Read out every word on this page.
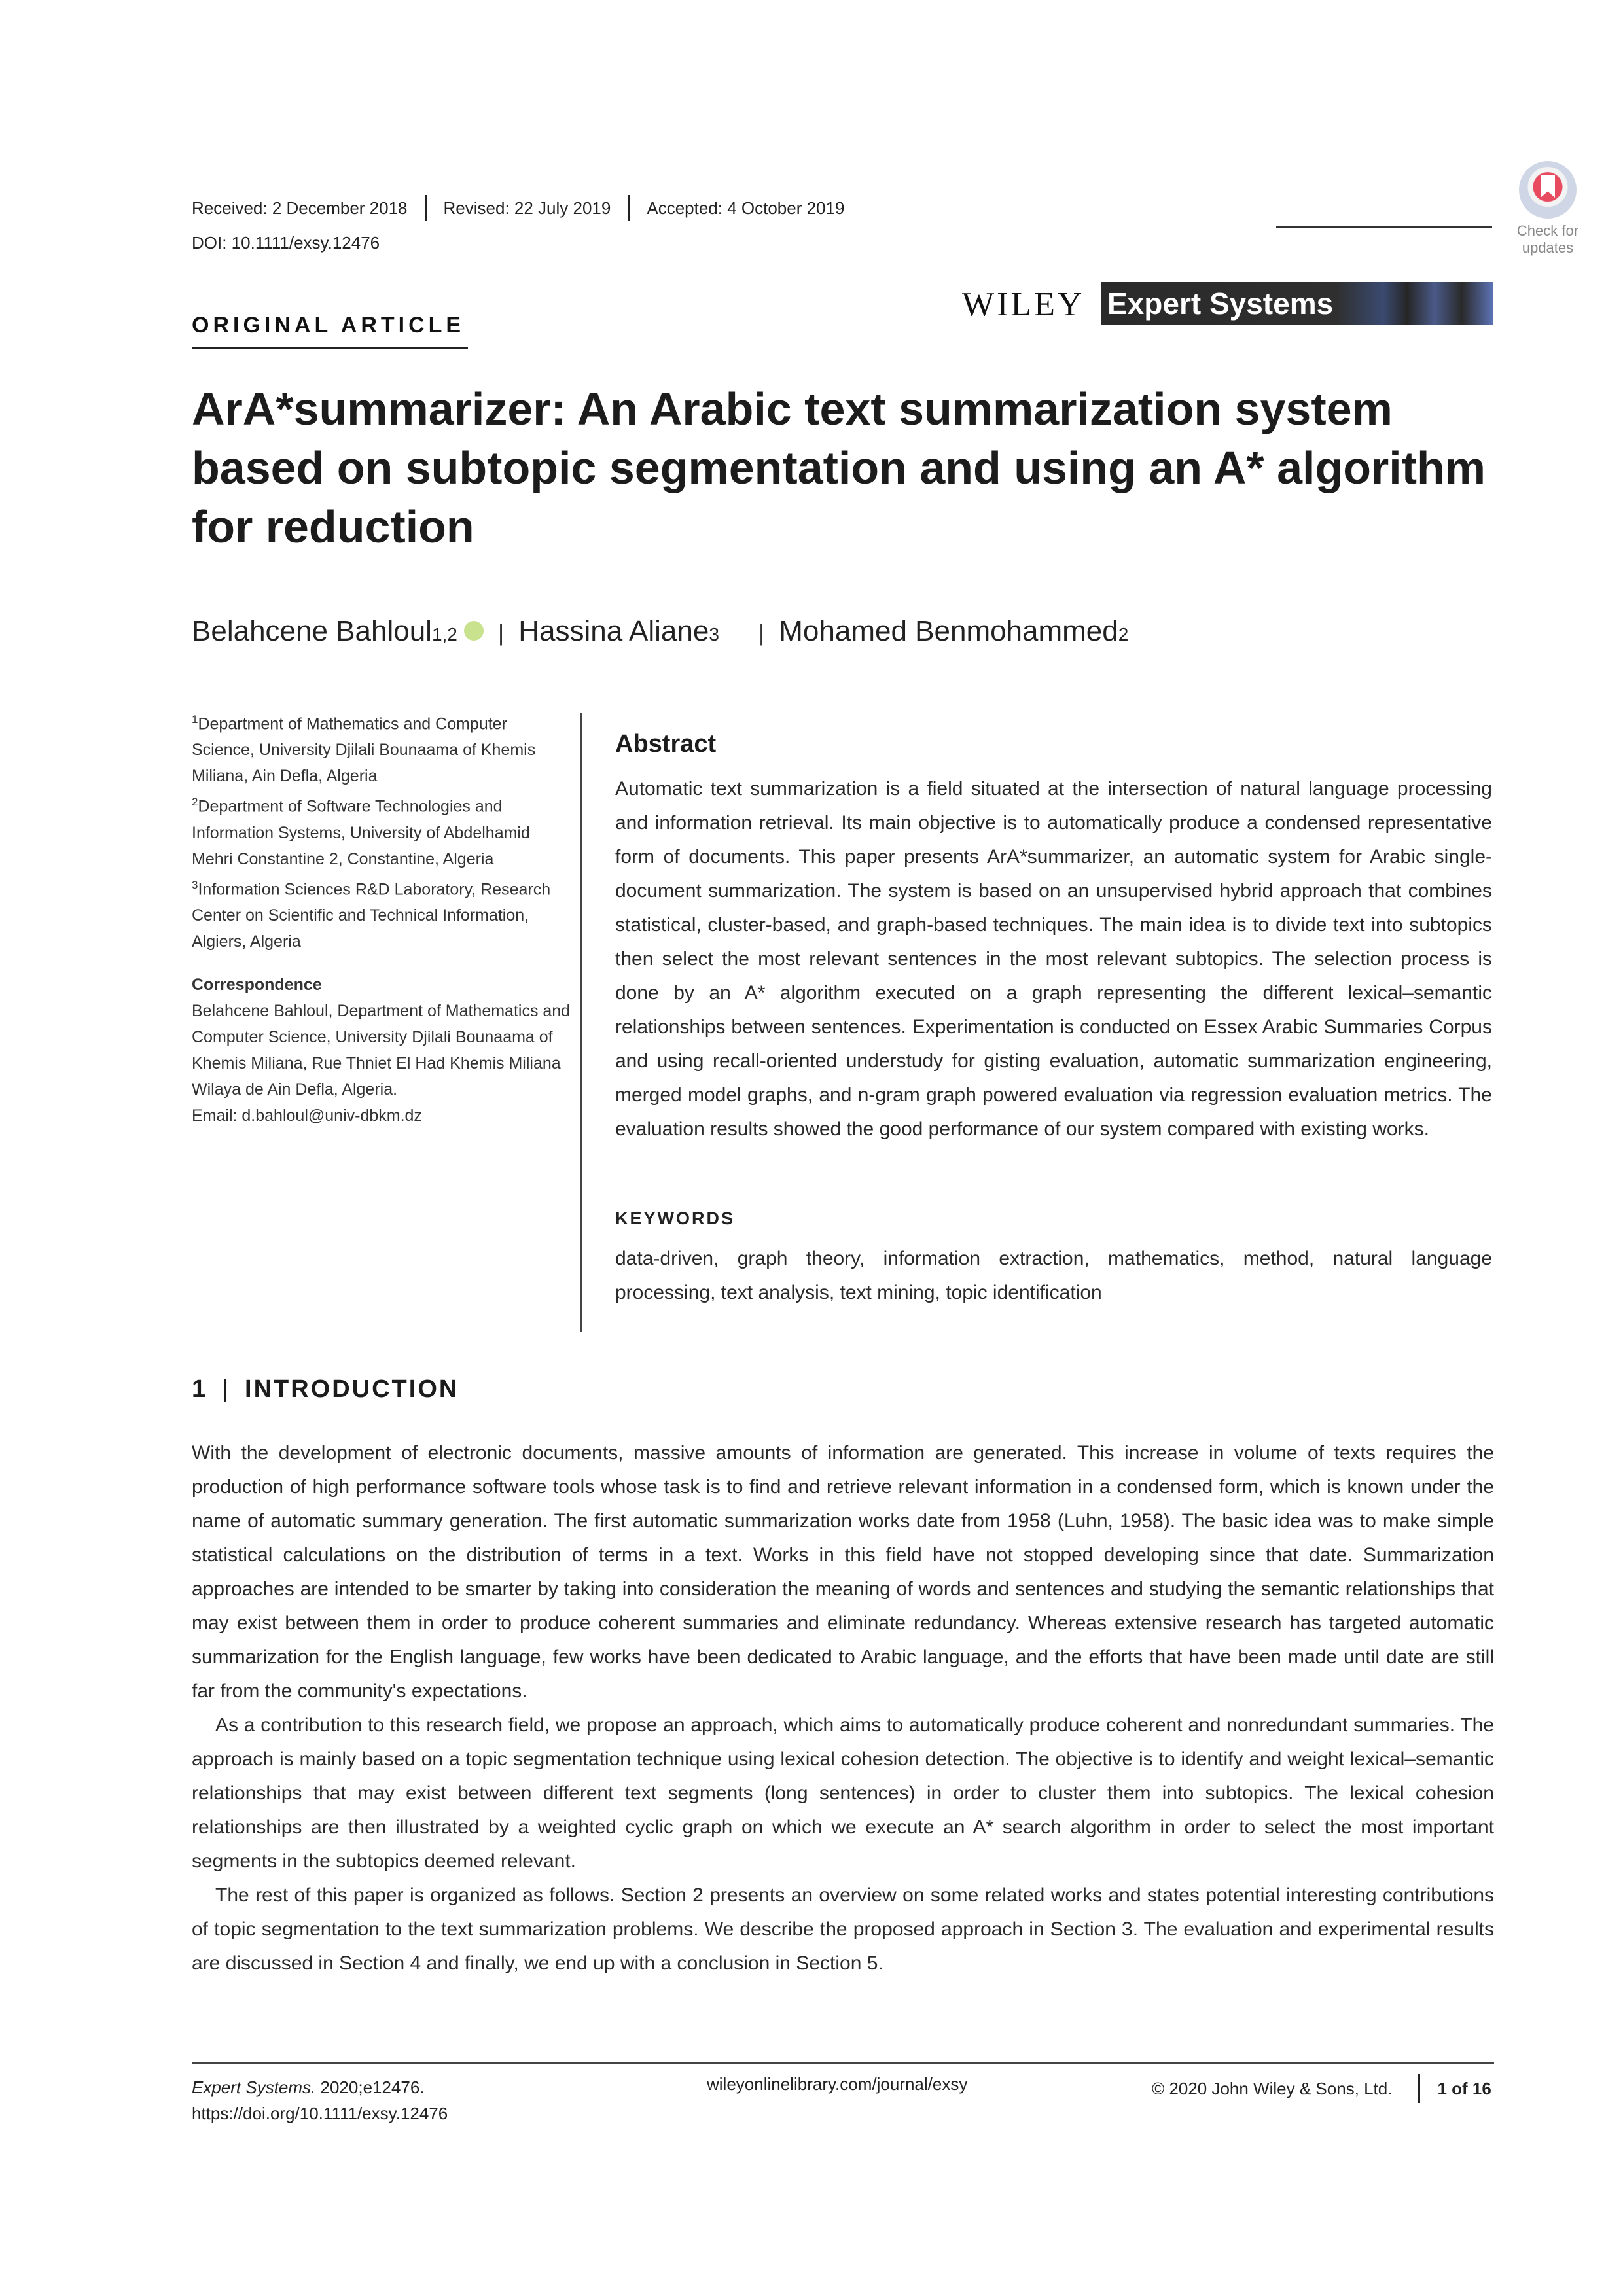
Received: 2 December 2018 Revised: 22 July 2019 Accepted: 4 October 2019
DOI: 10.1111/exsy.12476
Check for updates
WILEY Expert Systems
ORIGINAL ARTICLE
ArA*summarizer: An Arabic text summarization system based on subtopic segmentation and using an A* algorithm for reduction
Belahcene Bahloul 1,2 | Hassina Aliane 3 | Mohamed Benmohammed 2

$^1$Department of Mathematics and Computer Science, University Djilali Bounaama of Khemis Miliana, Ain Defla, Algeria

$^2$Department of Software Technologies and Information Systems, University of Abdelhamid Mehri Constantine 2, Constantine, Algeria

$^3$Information Sciences R&D Laboratory, Research Center on Scientific and Technical Information, Algiers, Algeria

Correspondence

Belahcene Bahloul, Department of Mathematics and Computer Science, University Djilali Bounaama of Khemis Miliana, Rue Thniet El Had Khemis Miliana Wilaya de Ain Defla, Algeria.

Email: d.bahloul@univ-dbkm.dz

Abstract
Automatic text summarization is a field situated at the intersection of natural language processing and information retrieval. Its main objective is to automatically produce a condensed representative form of documents. This paper presents ArA*summarizer, an automatic system for Arabic single-document summarization. The system is based on an unsupervised hybrid approach that combines statistical, cluster-based, and graph-based techniques. The main idea is to divide text into subtopics then select the most relevant sentences in the most relevant subtopics. The selection process is done by an A* algorithm executed on a graph representing the different lexical–semantic relationships between sentences. Experimentation is conducted on Essex Arabic Summaries Corpus and using recall-oriented understudy for gisting evaluation, automatic summarization engineering, merged model graphs, and n-gram graph powered evaluation via regression evaluation metrics. The evaluation results showed the good performance of our system compared with existing works.
KEYWORDS
data-driven, graph theory, information extraction, mathematics, method, natural language processing, text analysis, text mining, topic identification
1 | INTRODUCTION

With the development of electronic documents, massive amounts of information are generated. This increase in volume of texts requires the production of high performance software tools whose task is to find and retrieve relevant information in a condensed form, which is known under the name of automatic summary generation. The first automatic summarization works date from 1958 (Luhn, 1958). The basic idea was to make simple statistical calculations on the distribution of terms in a text. Works in this field have not stopped developing since that date. Summarization approaches are intended to be smarter by taking into consideration the meaning of words and sentences and studying the semantic relationships that may exist between them in order to produce coherent summaries and eliminate redundancy. Whereas extensive research has targeted automatic summarization for the English language, few works have been dedicated to Arabic language, and the efforts that have been made until date are still far from the community's expectations.

As a contribution to this research field, we propose an approach, which aims to automatically produce coherent and nonredundant summaries. The approach is mainly based on a topic segmentation technique using lexical cohesion detection. The objective is to identify and weight lexical–semantic relationships that may exist between different text segments (long sentences) in order to cluster them into subtopics. The lexical cohesion relationships are then illustrated by a weighted cyclic graph on which we execute an A* search algorithm in order to select the most important segments in the subtopics deemed relevant.

The rest of this paper is organized as follows. Section 2 presents an overview on some related works and states potential interesting contributions of topic segmentation to the text summarization problems. We describe the proposed approach in Section 3. The evaluation and experimental results are discussed in Section 4 and finally, we end up with a conclusion in Section 5.

Expert Systems. 2020;e12476.
https://doi.org/10.1111/exsy.12476
wileyonlinelibrary.com/journal/exsy	© 2020 John Wiley & Sons, Ltd.	1 of 16
